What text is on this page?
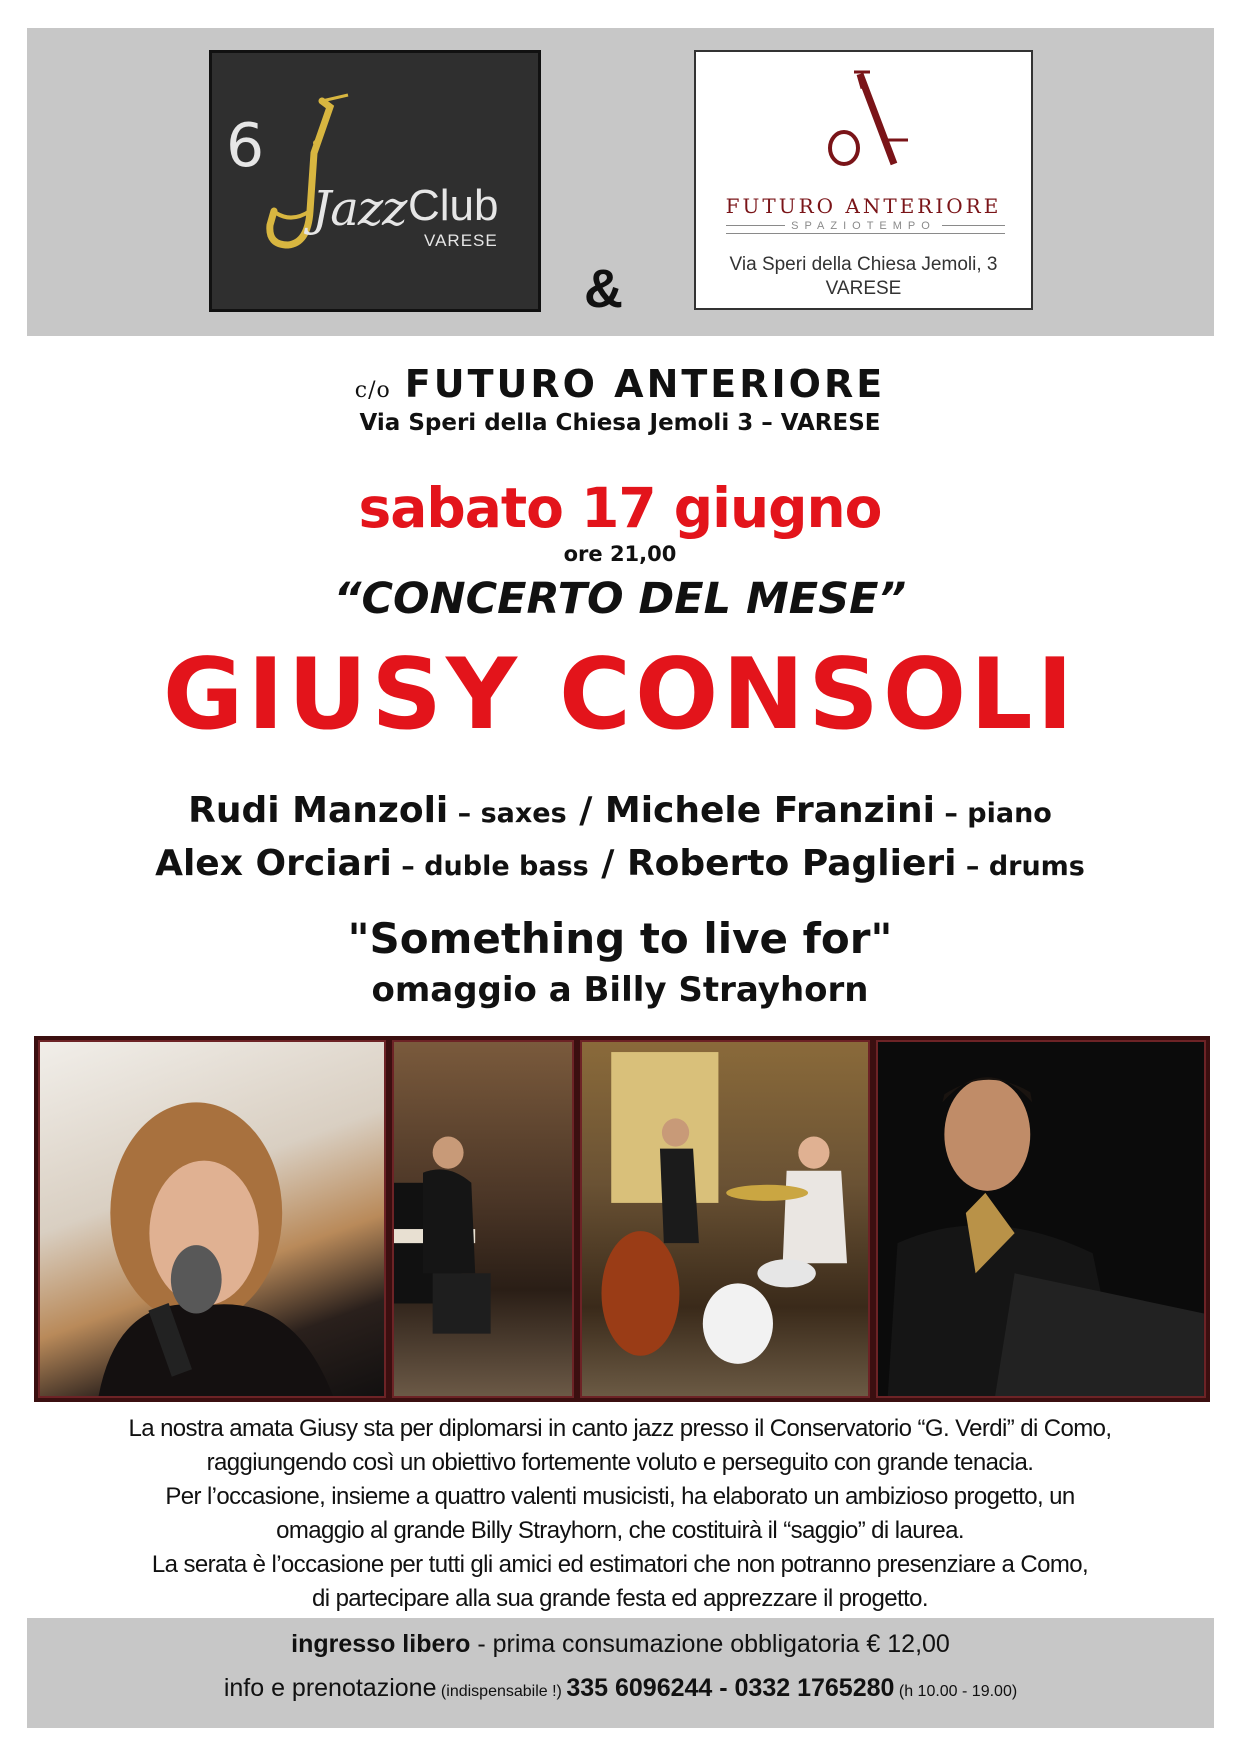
6
Jazz Club
VARESE
&
FUTURO ANTERIORE
SPAZIOTEMPO
Via Speri della Chiesa Jemoli, 3
VARESE
c/o FUTURO ANTERIORE
Via Speri della Chiesa Jemoli 3 – VARESE
sabato 17 giugno
ore 21,00
“CONCERTO DEL MESE”
GIUSY CONSOLI
Rudi Manzoli – saxes / Michele Franzini – piano
Alex Orciari – duble bass / Roberto Paglieri – drums
"Something to live for"
omaggio a Billy Strayhorn
La nostra amata Giusy sta per diplomarsi in canto jazz presso il Conservatorio “G. Verdi” di Como,
raggiungendo così un obiettivo fortemente voluto e perseguito con grande tenacia.
Per l’occasione, insieme a quattro valenti musicisti, ha elaborato un ambizioso progetto, un
omaggio al grande Billy Strayhorn, che costituirà il “saggio” di laurea.
La serata è l’occasione per tutti gli amici ed estimatori che non potranno presenziare a Como,
di partecipare alla sua grande festa ed apprezzare il progetto.
ingresso libero - prima consumazione obbligatoria € 12,00
info e prenotazione (indispensabile !) 335 6096244 - 0332 1765280 (h 10.00 - 19.00)
